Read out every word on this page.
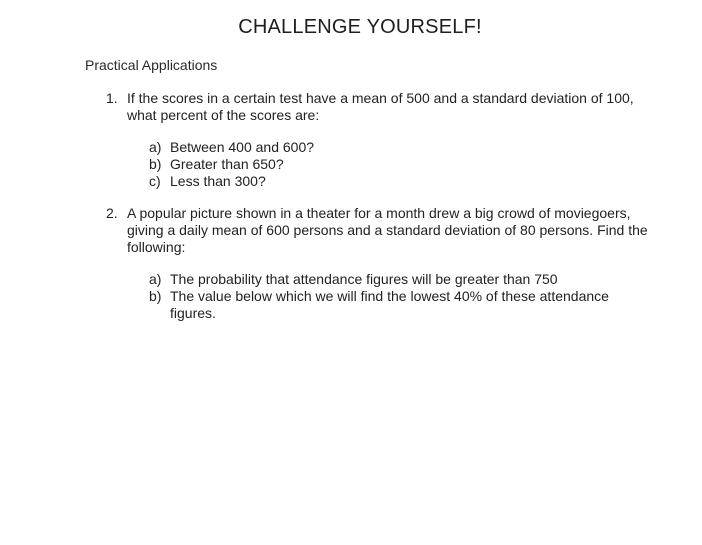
CHALLENGE YOURSELF!
Practical Applications
1. If the scores in a certain test have a mean of 500 and a standard deviation of 100, what percent of the scores are:
a) Between 400 and 600?
b) Greater than 650?
c) Less than 300?
2. A popular picture shown in a theater for a month drew a big crowd of moviegoers, giving a daily mean of 600 persons and a standard deviation of 80 persons. Find the following:
a) The probability that attendance figures will be greater than 750
b) The value below which we will find the lowest 40% of these attendance figures.
